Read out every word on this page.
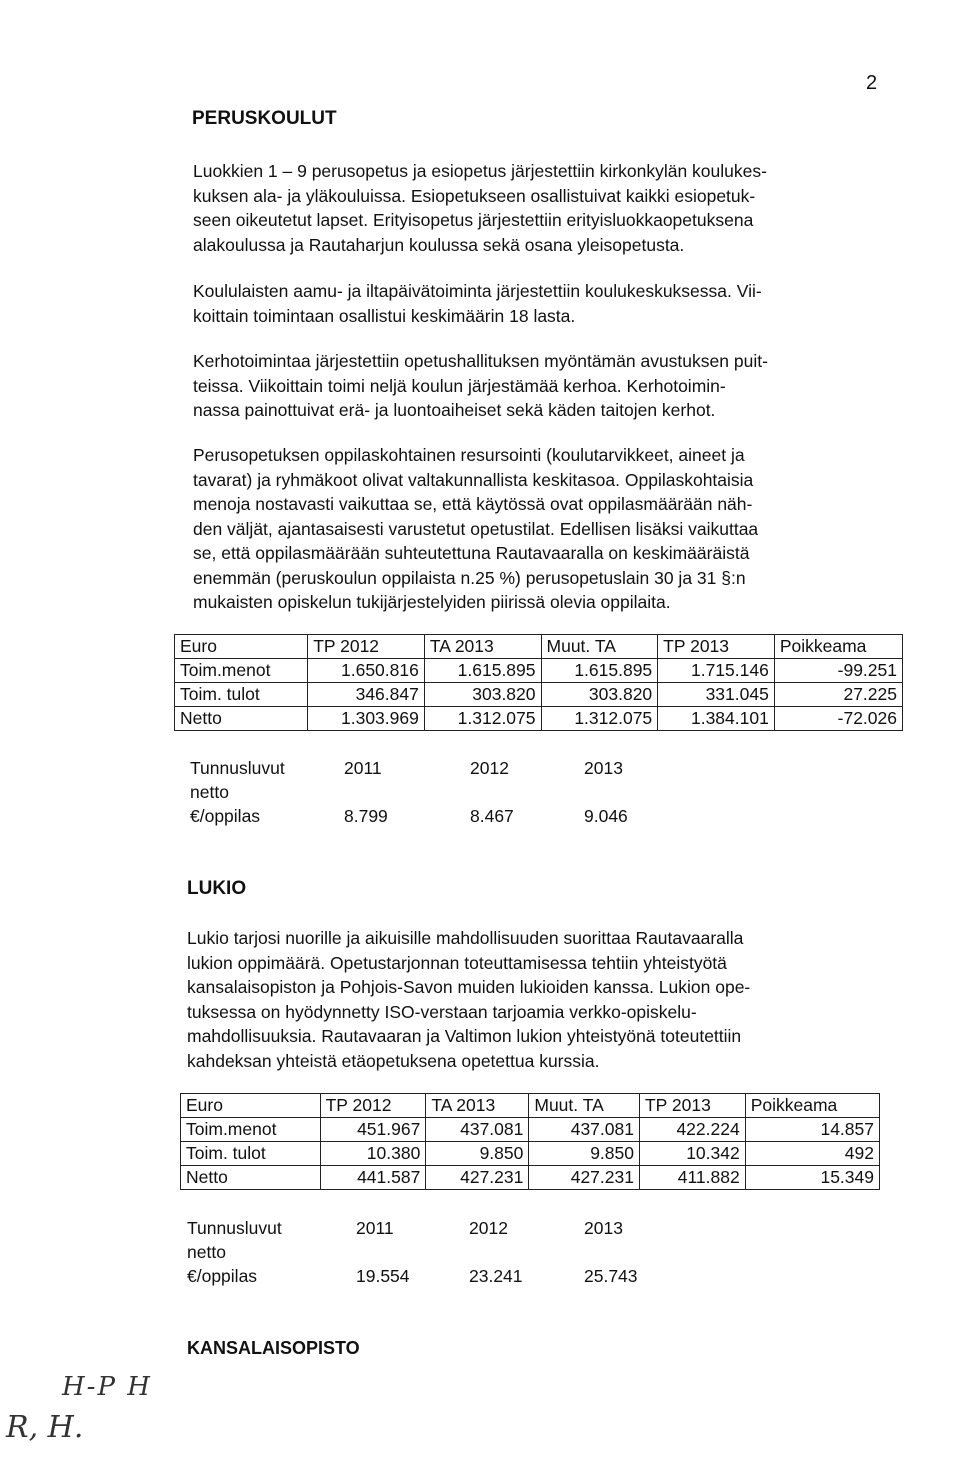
2
PERUSKOULUT

Luokkien 1 – 9 perusopetus ja esiopetus järjestettiin kirkonkylän koulukes-
kuksen ala- ja yläkouluissa. Esiopetukseen osallistuivat kaikki esiopetuk-
seen oikeutetut lapset. Erityisopetus järjestettiin erityisluokkaopetuksena
alakoulussa ja Rautaharjun koulussa sekä osana yleisopetusta.

Koululaisten aamu- ja iltapäivätoiminta järjestettiin koulukeskuksessa. Vii-
koittain toimintaan osallistui keskimäärin 18 lasta.

Kerhotoimintaa järjestettiin opetushallituksen myöntämän avustuksen puit-
teissa. Viikoittain toimi neljä koulun järjestämää kerhoa. Kerhotoimin-
nassa painottuivat erä- ja luontoaiheiset sekä käden taitojen kerhot.

Perusopetuksen oppilaskohtainen resursointi (koulutarvikkeet, aineet ja
tavarat) ja ryhmäkoot olivat valtakunnallista keskitasoa. Oppilaskohtaisia
menoja nostavasti vaikuttaa se, että käytössä ovat oppilasmäärään näh-
den väljät, ajantasaisesti varustetut opetustilat. Edellisen lisäksi vaikuttaa
se, että oppilasmäärään suhteutettuna Rautavaaralla on keskimääräistä
enemmän (peruskoulun oppilaista n.25 %) perusopetuslain 30 ja 31 §:n
mukaisten opiskelun tukijärjestelyiden piirissä olevia oppilaita.

Euro	TP 2012	TA 2013	Muut. TA	TP 2013	Poikkeama
Toim.menot	1.650.816	1.615.895	1.615.895	1.715.146	-99.251
Toim. tulot	346.847	303.820	303.820	331.045	27.225
Netto	1.303.969	1.312.075	1.312.075	1.384.101	-72.026
Tunnusluvut	2011	2012	2013
netto
€/oppilas	8.799	8.467	9.046
LUKIO

Lukio tarjosi nuorille ja aikuisille mahdollisuuden suorittaa Rautavaaralla
lukion oppimäärä. Opetustarjonnan toteuttamisessa tehtiin yhteistyötä
kansalaisopiston ja Pohjois-Savon muiden lukioiden kanssa. Lukion ope-
tuksessa on hyödynnetty ISO-verstaan tarjoamia verkko-opiskelu-
mahdollisuuksia. Rautavaaran ja Valtimon lukion yhteistyönä toteutettiin
kahdeksan yhteistä etäopetuksena opetettua kurssia.

Euro	TP 2012	TA 2013	Muut. TA	TP 2013	Poikkeama
Toim.menot	451.967	437.081	437.081	422.224	14.857
Toim. tulot	10.380	9.850	9.850	10.342	492
Netto	441.587	427.231	427.231	411.882	15.349
Tunnusluvut	2011	2012	2013
netto
€/oppilas	19.554	23.241	25.743
KANSALAISOPISTO
H-P H
R, H.
